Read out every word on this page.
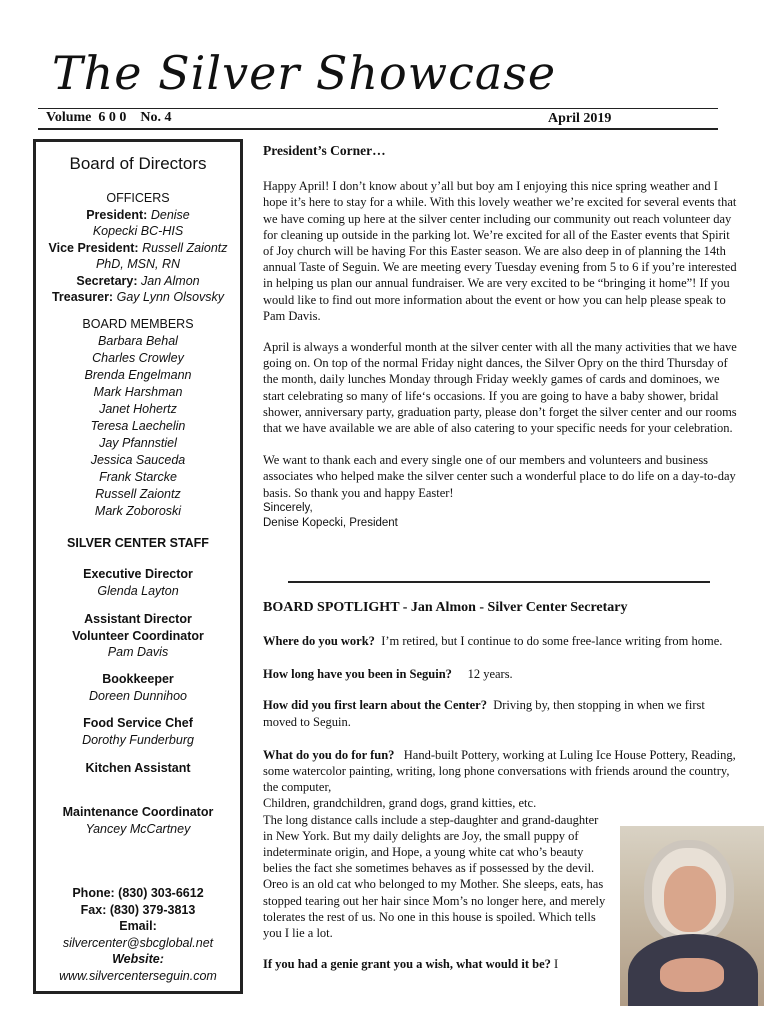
The Silver Showcase
Volume  6 0 0    No. 4	April 2019
Board of Directors
OFFICERS
President: Denise Kopecki BC-HIS
Vice President: Russell Zaiontz PhD, MSN, RN
Secretary: Jan Almon
Treasurer: Gay Lynn Olsovsky
BOARD MEMBERS
Barbara Behal
Charles Crowley
Brenda Engelmann
Mark Harshman
Janet Hohertz
Teresa Laechelin
Jay Pfannstiel
Jessica Sauceda
Frank Starcke
Russell Zaiontz
Mark Zoboroski
SILVER CENTER STAFF
Executive Director
Glenda Layton
Assistant Director
Volunteer Coordinator
Pam Davis
Bookkeeper
Doreen Dunnihoo
Food Service Chef
Dorothy Funderburg
Kitchen Assistant
Maintenance Coordinator
Yancey McCartney
Phone: (830) 303-6612
Fax: (830) 379-3813
Email:
silvercenter@sbcglobal.net
Website:
www.silvercenterseguin.com

President’s Corner…

Happy April! I don’t know about y’all but boy am I enjoying this nice spring weather and I hope it’s here to stay for a while. With this lovely weather we’re excited for several events that we have coming up here at the silver center including our community out reach volunteer day for cleaning up outside in the parking lot. We’re excited for all of the Easter events that Spirit of Joy church will be having For this Easter season. We are also deep in of planning the 14th annual Taste of Seguin. We are meeting every Tuesday evening from 5 to 6 if you’re interested in helping us plan our annual fundraiser. We are very excited to be “bringing it home”! If you would like to find out more information about the event or how you can help please speak to Pam Davis.

April is always a wonderful month at the silver center with all the many activities that we have going on. On top of the normal Friday night dances, the Silver Opry on the third Thursday of the month, daily lunches Monday through Friday weekly games of cards and dominoes, we start celebrating so many of life‘s occasions. If you are going to have a baby shower, bridal shower, anniversary party, graduation party, please don’t forget the silver center and our rooms that we have available we are able of also catering to your specific needs for your celebration.

We want to thank each and every single one of our members and volunteers and business associates who helped make the silver center such a wonderful place to do life on a day-to-day basis. So thank you and happy Easter!

Sincerely,

Denise Kopecki, President

BOARD SPOTLIGHT - Jan Almon - Silver Center Secretary

Where do you work? I’m retired, but I continue to do some free-lance writing from home.

How long have you been in Seguin? 12 years.

How did you first learn about the Center? Driving by, then stopping in when we first moved to Seguin.

What do you do for fun? Hand-built Pottery, working at Luling Ice House Pottery, Reading, some watercolor painting, writing, long phone conversations with friends around the country, the computer,

Children, grandchildren, grand dogs, grand kitties, etc.

The long distance calls include a step-daughter and grand-daughter in New York. But my daily delights are Joy, the small puppy of indeterminate origin, and Hope, a young white cat who’s beauty belies the fact she sometimes behaves as if possessed by the devil. Oreo is an old cat who belonged to my Mother. She sleeps, eats, has stopped tearing out her hair since Mom’s no longer here, and merely tolerates the rest of us. No one in this house is spoiled. Which tells you I lie a lot.

If you had a genie grant you a wish, what would it be? I
